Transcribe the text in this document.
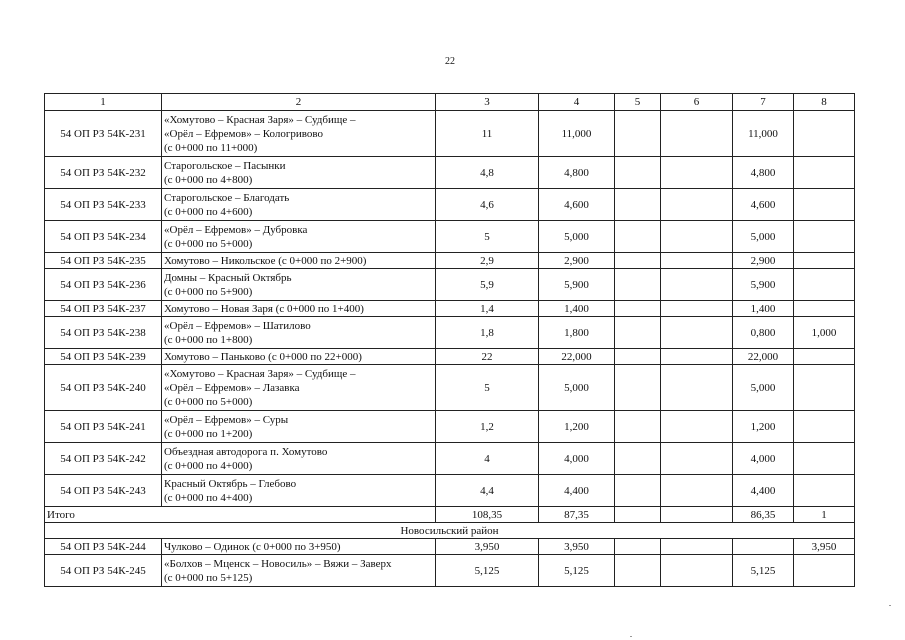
22
1	2	3	4	5	6	7	8
54 ОП РЗ 54К-231	«Хомутово – Красная Заря» – Судбище –
«Орёл – Ефремов» – Кологривово
(с 0+000 по 11+000)	11	11,000			11,000	
54 ОП РЗ 54К-232	Старогольское – Пасынки
(с 0+000 по 4+800)	4,8	4,800			4,800	
54 ОП РЗ 54К-233	Старогольское – Благодать
(с 0+000 по 4+600)	4,6	4,600			4,600	
54 ОП РЗ 54К-234	«Орёл – Ефремов» – Дубровка
(с 0+000 по 5+000)	5	5,000			5,000	
54 ОП РЗ 54К-235	Хомутово – Никольское (с 0+000 по 2+900)	2,9	2,900			2,900	
54 ОП РЗ 54К-236	Домны – Красный Октябрь
(с 0+000 по 5+900)	5,9	5,900			5,900	
54 ОП РЗ 54К-237	Хомутово – Новая Заря (с 0+000 по 1+400)	1,4	1,400			1,400	
54 ОП РЗ 54К-238	«Орёл – Ефремов» – Шатилово
(с 0+000 по 1+800)	1,8	1,800			0,800	1,000
54 ОП РЗ 54К-239	Хомутово – Паньково (с 0+000 по 22+000)	22	22,000			22,000	
54 ОП РЗ 54К-240	«Хомутово – Красная Заря» – Судбище –
«Орёл – Ефремов» – Лазавка
(с 0+000 по 5+000)	5	5,000			5,000	
54 ОП РЗ 54К-241	«Орёл – Ефремов» – Суры
(с 0+000 по 1+200)	1,2	1,200			1,200	
54 ОП РЗ 54К-242	Объездная автодорога п. Хомутово
(с 0+000 по 4+000)	4	4,000			4,000	
54 ОП РЗ 54К-243	Красный Октябрь – Глебово
(с 0+000 по 4+400)	4,4	4,400			4,400	
Итого		108,35	87,35			86,35	1
Новосильский район							
54 ОП РЗ 54К-244	Чулково – Одинок (с 0+000 по 3+950)	3,950	3,950				3,950
54 ОП РЗ 54К-245	«Болхов – Мценск – Новосиль» – Вяжи – Заверх
(с 0+000 по 5+125)	5,125	5,125			5,125	
